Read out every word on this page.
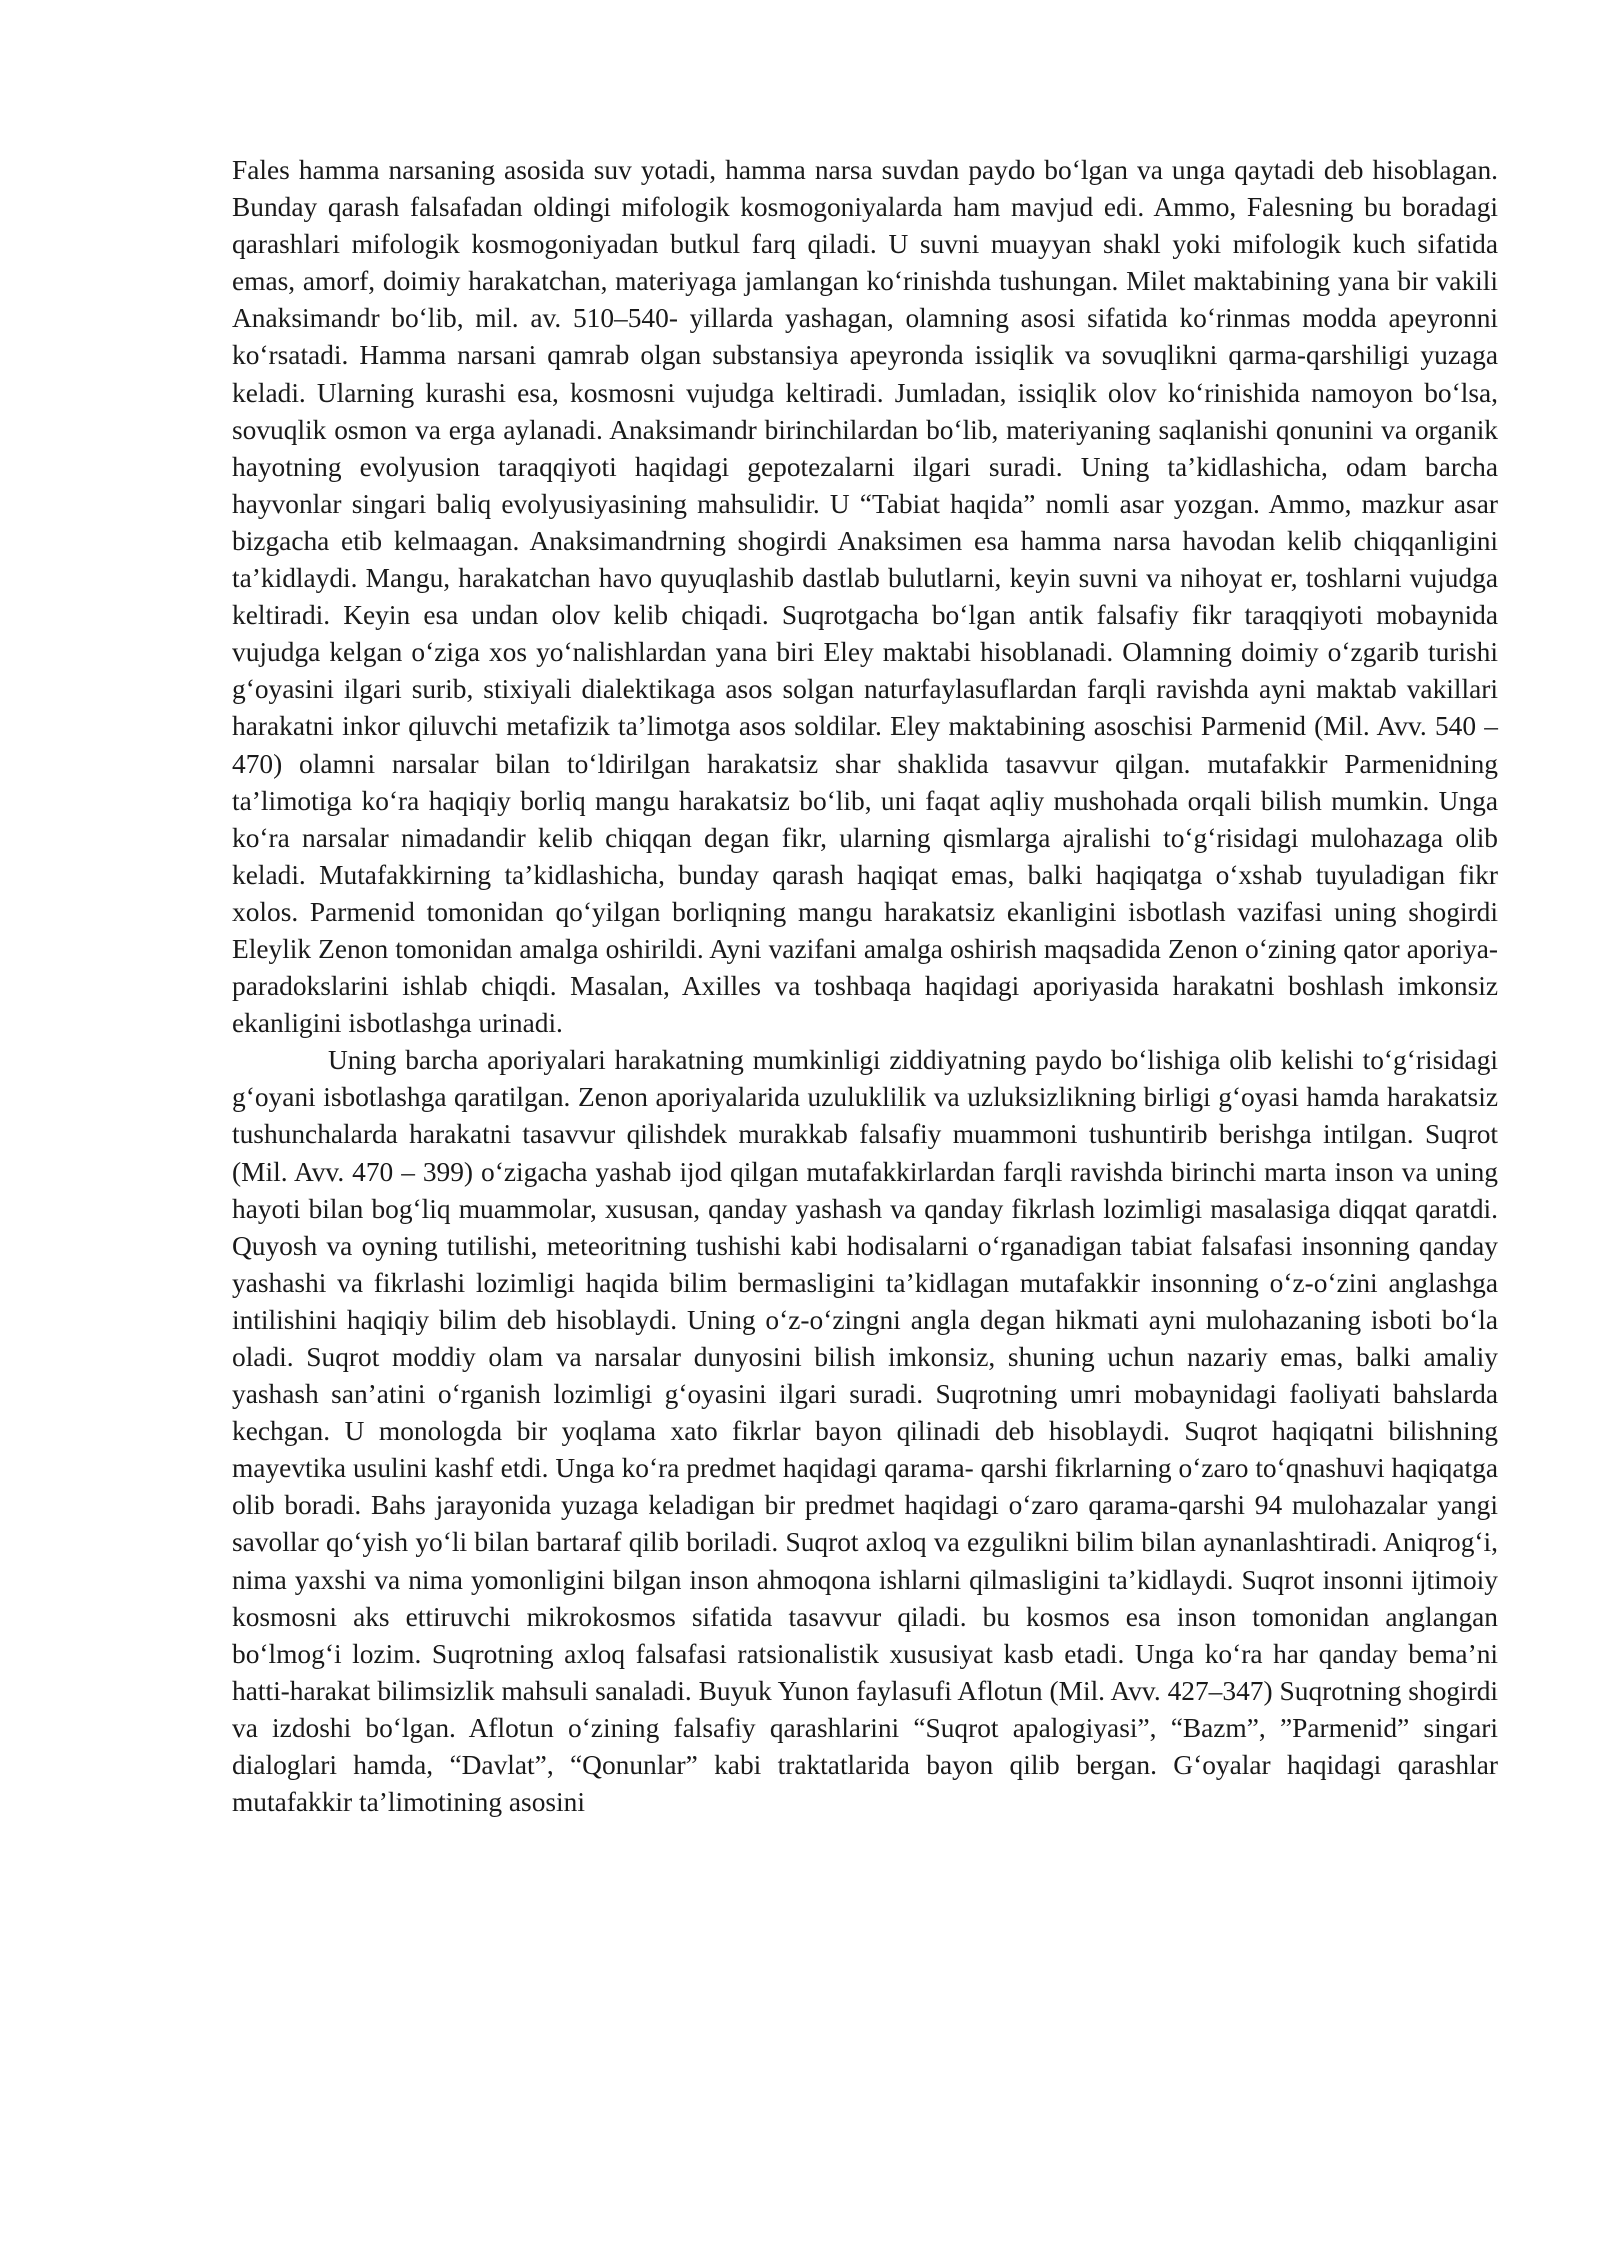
Fales hamma narsaning asosida suv yotadi, hamma narsa suvdan paydo bo‘lgan va unga qaytadi deb hisoblagan. Bunday qarash falsafadan oldingi mifologik kosmogoniyalarda ham mavjud edi. Ammo, Falesning bu boradagi qarashlari mifologik kosmogoniyadan butkul farq qiladi. U suvni muayyan shakl yoki mifologik kuch sifatida emas, amorf, doimiy harakatchan, materiyaga jamlangan ko‘rinishda tushungan. Milet maktabining yana bir vakili Anaksimandr bo‘lib, mil. av. 510–540- yillarda yashagan, olamning asosi sifatida ko‘rinmas modda apeyronni ko‘rsatadi. Hamma narsani qamrab olgan substansiya apeyronda issiqlik va sovuqlikni qarma-qarshiligi yuzaga keladi. Ularning kurashi esa, kosmosni vujudga keltiradi. Jumladan, issiqlik olov ko‘rinishida namoyon bo‘lsa, sovuqlik osmon va erga aylanadi. Anaksimandr birinchilardan bo‘lib, materiyaning saqlanishi qonunini va organik hayotning evolyusion taraqqiyoti haqidagi gepotezalarni ilgari suradi. Uning ta’kidlashicha, odam barcha hayvonlar singari baliq evolyusiyasining mahsulidir. U “Tabiat haqida” nomli asar yozgan. Ammo, mazkur asar bizgacha etib kelmaagan. Anaksimandrning shogirdi Anaksimen esa hamma narsa havodan kelib chiqqanligini ta’kidlaydi. Mangu, harakatchan havo quyuqlashib dastlab bulutlarni, keyin suvni va nihoyat er, toshlarni vujudga keltiradi. Keyin esa undan olov kelib chiqadi. Suqrotgacha bo‘lgan antik falsafiy fikr taraqqiyoti mobaynida vujudga kelgan o‘ziga xos yo‘nalishlardan yana biri Eley maktabi hisoblanadi. Olamning doimiy o‘zgarib turishi g‘oyasini ilgari surib, stixiyali dialektikaga asos solgan naturfaylasuflardan farqli ravishda ayni maktab vakillari harakatni inkor qiluvchi metafizik ta’limotga asos soldilar. Eley maktabining asoschisi Parmenid (Mil. Avv. 540 –470) olamni narsalar bilan to‘ldirilgan harakatsiz shar shaklida tasavvur qilgan. mutafakkir Parmenidning ta’limotiga ko‘ra haqiqiy borliq mangu harakatsiz bo‘lib, uni faqat aqliy mushohada orqali bilish mumkin. Unga ko‘ra narsalar nimadandir kelib chiqqan degan fikr, ularning qismlarga ajralishi to‘g‘risidagi mulohazaga olib keladi. Mutafakkirning ta’kidlashicha, bunday qarash haqiqat emas, balki haqiqatga o‘xshab tuyuladigan fikr xolos. Parmenid tomonidan qo‘yilgan borliqning mangu harakatsiz ekanligini isbotlash vazifasi uning shogirdi Eleylik Zenon tomonidan amalga oshirildi. Ayni vazifani amalga oshirish maqsadida Zenon o‘zining qator aporiya-paradokslarini ishlab chiqdi. Masalan, Axilles va toshbaqa haqidagi aporiyasida harakatni boshlash imkonsiz ekanligini isbotlashga urinadi.

Uning barcha aporiyalari harakatning mumkinligi ziddiyatning paydo bo‘lishiga olib kelishi to‘g‘risidagi g‘oyani isbotlashga qaratilgan. Zenon aporiyalarida uzuluklilik va uzluksizlikning birligi g‘oyasi hamda harakatsiz tushunchalarda harakatni tasavvur qilishdek murakkab falsafiy muammoni tushuntirib berishga intilgan. Suqrot (Mil. Avv. 470 – 399) o‘zigacha yashab ijod qilgan mutafakkirlardan farqli ravishda birinchi marta inson va uning hayoti bilan bog‘liq muammolar, xususan, qanday yashash va qanday fikrlash lozimligi masalasiga diqqat qaratdi. Quyosh va oyning tutilishi, meteoritning tushishi kabi hodisalarni o‘rganadigan tabiat falsafasi insonning qanday yashashi va fikrlashi lozimligi haqida bilim bermasligini ta’kidlagan mutafakkir insonning o‘z-o‘zini anglashga intilishini haqiqiy bilim deb hisoblaydi. Uning o‘z-o‘zingni angla degan hikmati ayni mulohazaning isboti bo‘la oladi. Suqrot moddiy olam va narsalar dunyosini bilish imkonsiz, shuning uchun nazariy emas, balki amaliy yashash san’atini o‘rganish lozimligi g‘oyasini ilgari suradi. Suqrotning umri mobaynidagi faoliyati bahslarda kechgan. U monologda bir yoqlama xato fikrlar bayon qilinadi deb hisoblaydi. Suqrot haqiqatni bilishning mayevtika usulini kashf etdi. Unga ko‘ra predmet haqidagi qarama- qarshi fikrlarning o‘zaro to‘qnashuvi haqiqatga olib boradi. Bahs jarayonida yuzaga keladigan bir predmet haqidagi o‘zaro qarama-qarshi 94 mulohazalar yangi savollar qo‘yish yo‘li bilan bartaraf qilib boriladi. Suqrot axloq va ezgulikni bilim bilan aynanlashtiradi. Aniqrog‘i, nima yaxshi va nima yomonligini bilgan inson ahmoqona ishlarni qilmasligini ta’kidlaydi. Suqrot insonni ijtimoiy kosmosni aks ettiruvchi mikrokosmos sifatida tasavvur qiladi. bu kosmos esa inson tomonidan anglangan bo‘lmog‘i lozim. Suqrotning axloq falsafasi ratsionalistik xususiyat kasb etadi. Unga ko‘ra har qanday bema’ni hatti-harakat bilimsizlik mahsuli sanaladi. Buyuk Yunon faylasufi Aflotun (Mil. Avv. 427–347) Suqrotning shogirdi va izdoshi bo‘lgan. Aflotun o‘zining falsafiy qarashlarini “Suqrot apalogiyasi”, “Bazm”, ”Parmenid” singari dialoglari hamda, “Davlat”, “Qonunlar” kabi traktatlarida bayon qilib bergan. G‘oyalar haqidagi qarashlar mutafakkir ta’limotining asosini
